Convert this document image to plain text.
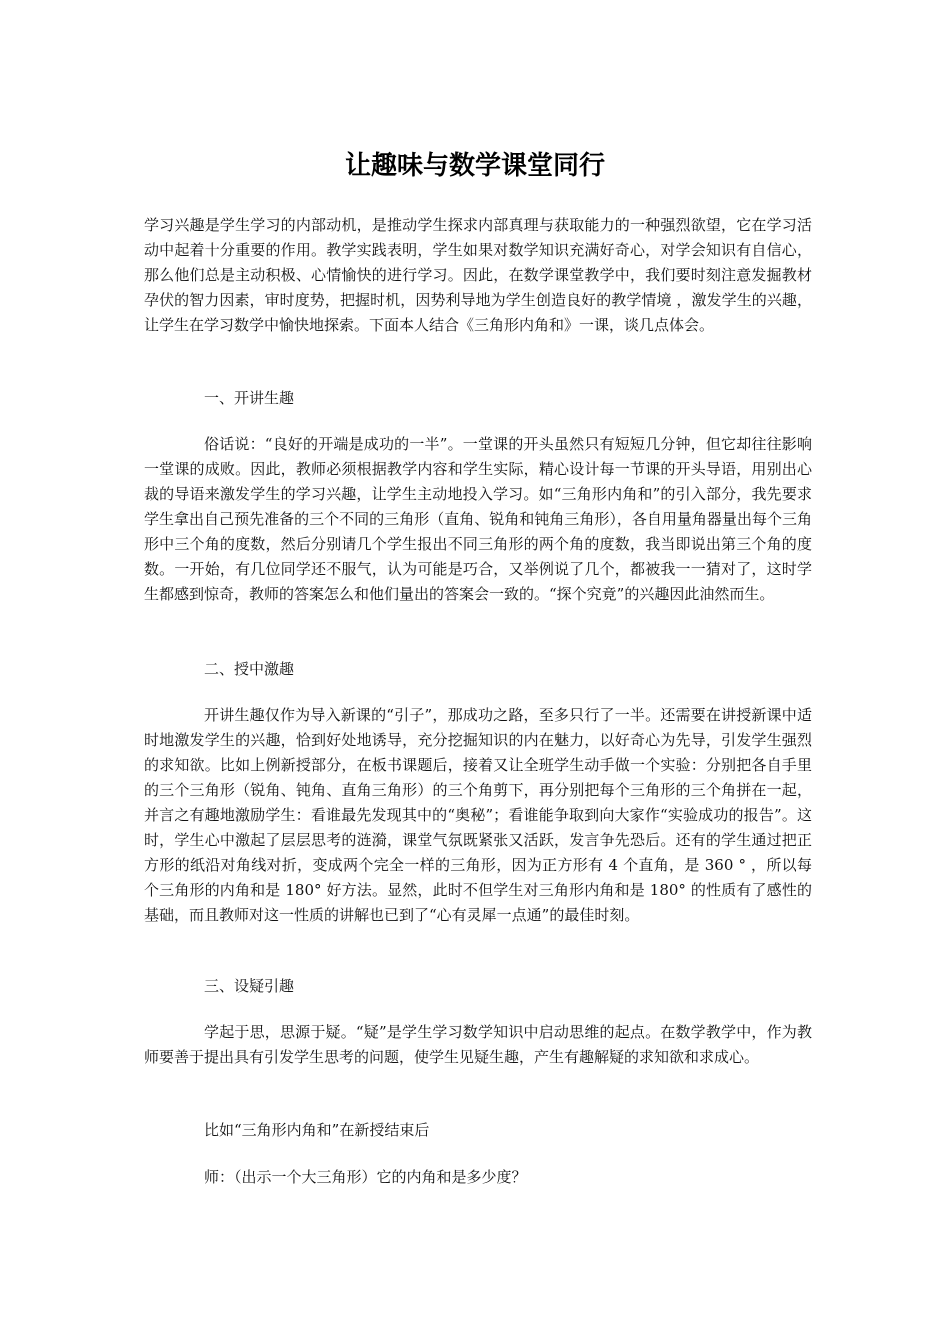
让趣味与数学课堂同行

学习兴趣是学生学习的内部动机，是推动学生探求内部真理与获取能力的一种强烈欲望，它在学习活动中起着十分重要的作用。教学实践表明，学生如果对数学知识充满好奇心，对学会知识有自信心，那么他们总是主动积极、心情愉快的进行学习。因此，在数学课堂教学中，我们要时刻注意发掘教材孕伏的智力因素，审时度势，把握时机，因势利导地为学生创造良好的教学情境 ，激发学生的兴趣，让学生在学习数学中愉快地探索。下面本人结合《三角形内角和》一课，谈几点体会。

一、开讲生趣

俗话说：“良好的开端是成功的一半”。一堂课的开头虽然只有短短几分钟，但它却往往影响一堂课的成败。因此，教师必须根据教学内容和学生实际，精心设计每一节课的开头导语，用别出心裁的导语来激发学生的学习兴趣，让学生主动地投入学习。如“三角形内角和”的引入部分，我先要求学生拿出自己预先准备的三个不同的三角形（直角、锐角和钝角三角形），各自用量角器量出每个三角形中三个角的度数，然后分别请几个学生报出不同三角形的两个角的度数，我当即说出第三个角的度数。一开始，有几位同学还不服气，认为可能是巧合，又举例说了几个，都被我一一猜对了，这时学生都感到惊奇，教师的答案怎么和他们量出的答案会一致的。“探个究竟”的兴趣因此油然而生。

二、授中激趣

开讲生趣仅作为导入新课的“引子”，那成功之路，至多只行了一半。还需要在讲授新课中适时地激发学生的兴趣，恰到好处地诱导，充分挖掘知识的内在魅力，以好奇心为先导，引发学生强烈的求知欲。比如上例新授部分，在板书课题后，接着又让全班学生动手做一个实验：分别把各自手里的三个三角形（锐角、钝角、直角三角形）的三个角剪下，再分别把每个三角形的三个角拼在一起，并言之有趣地激励学生：看谁最先发现其中的“奥秘”；看谁能争取到向大家作“实验成功的报告”。这时，学生心中激起了层层思考的涟漪，课堂气氛既紧张又活跃，发言争先恐后。还有的学生通过把正方形的纸沿对角线对折，变成两个完全一样的三角形，因为正方形有 4 个直角，是 360 ° ，所以每个三角形的内角和是 180° 好方法。显然，此时不但学生对三角形内角和是 180° 的性质有了感性的基础，而且教师对这一性质的讲解也已到了“心有灵犀一点通”的最佳时刻。

三、设疑引趣

学起于思，思源于疑。“疑”是学生学习数学知识中启动思维的起点。在数学教学中，作为教师要善于提出具有引发学生思考的问题，使学生见疑生趣，产生有趣解疑的求知欲和求成心。

比如“三角形内角和”在新授结束后

师：（出示一个大三角形）它的内角和是多少度？
